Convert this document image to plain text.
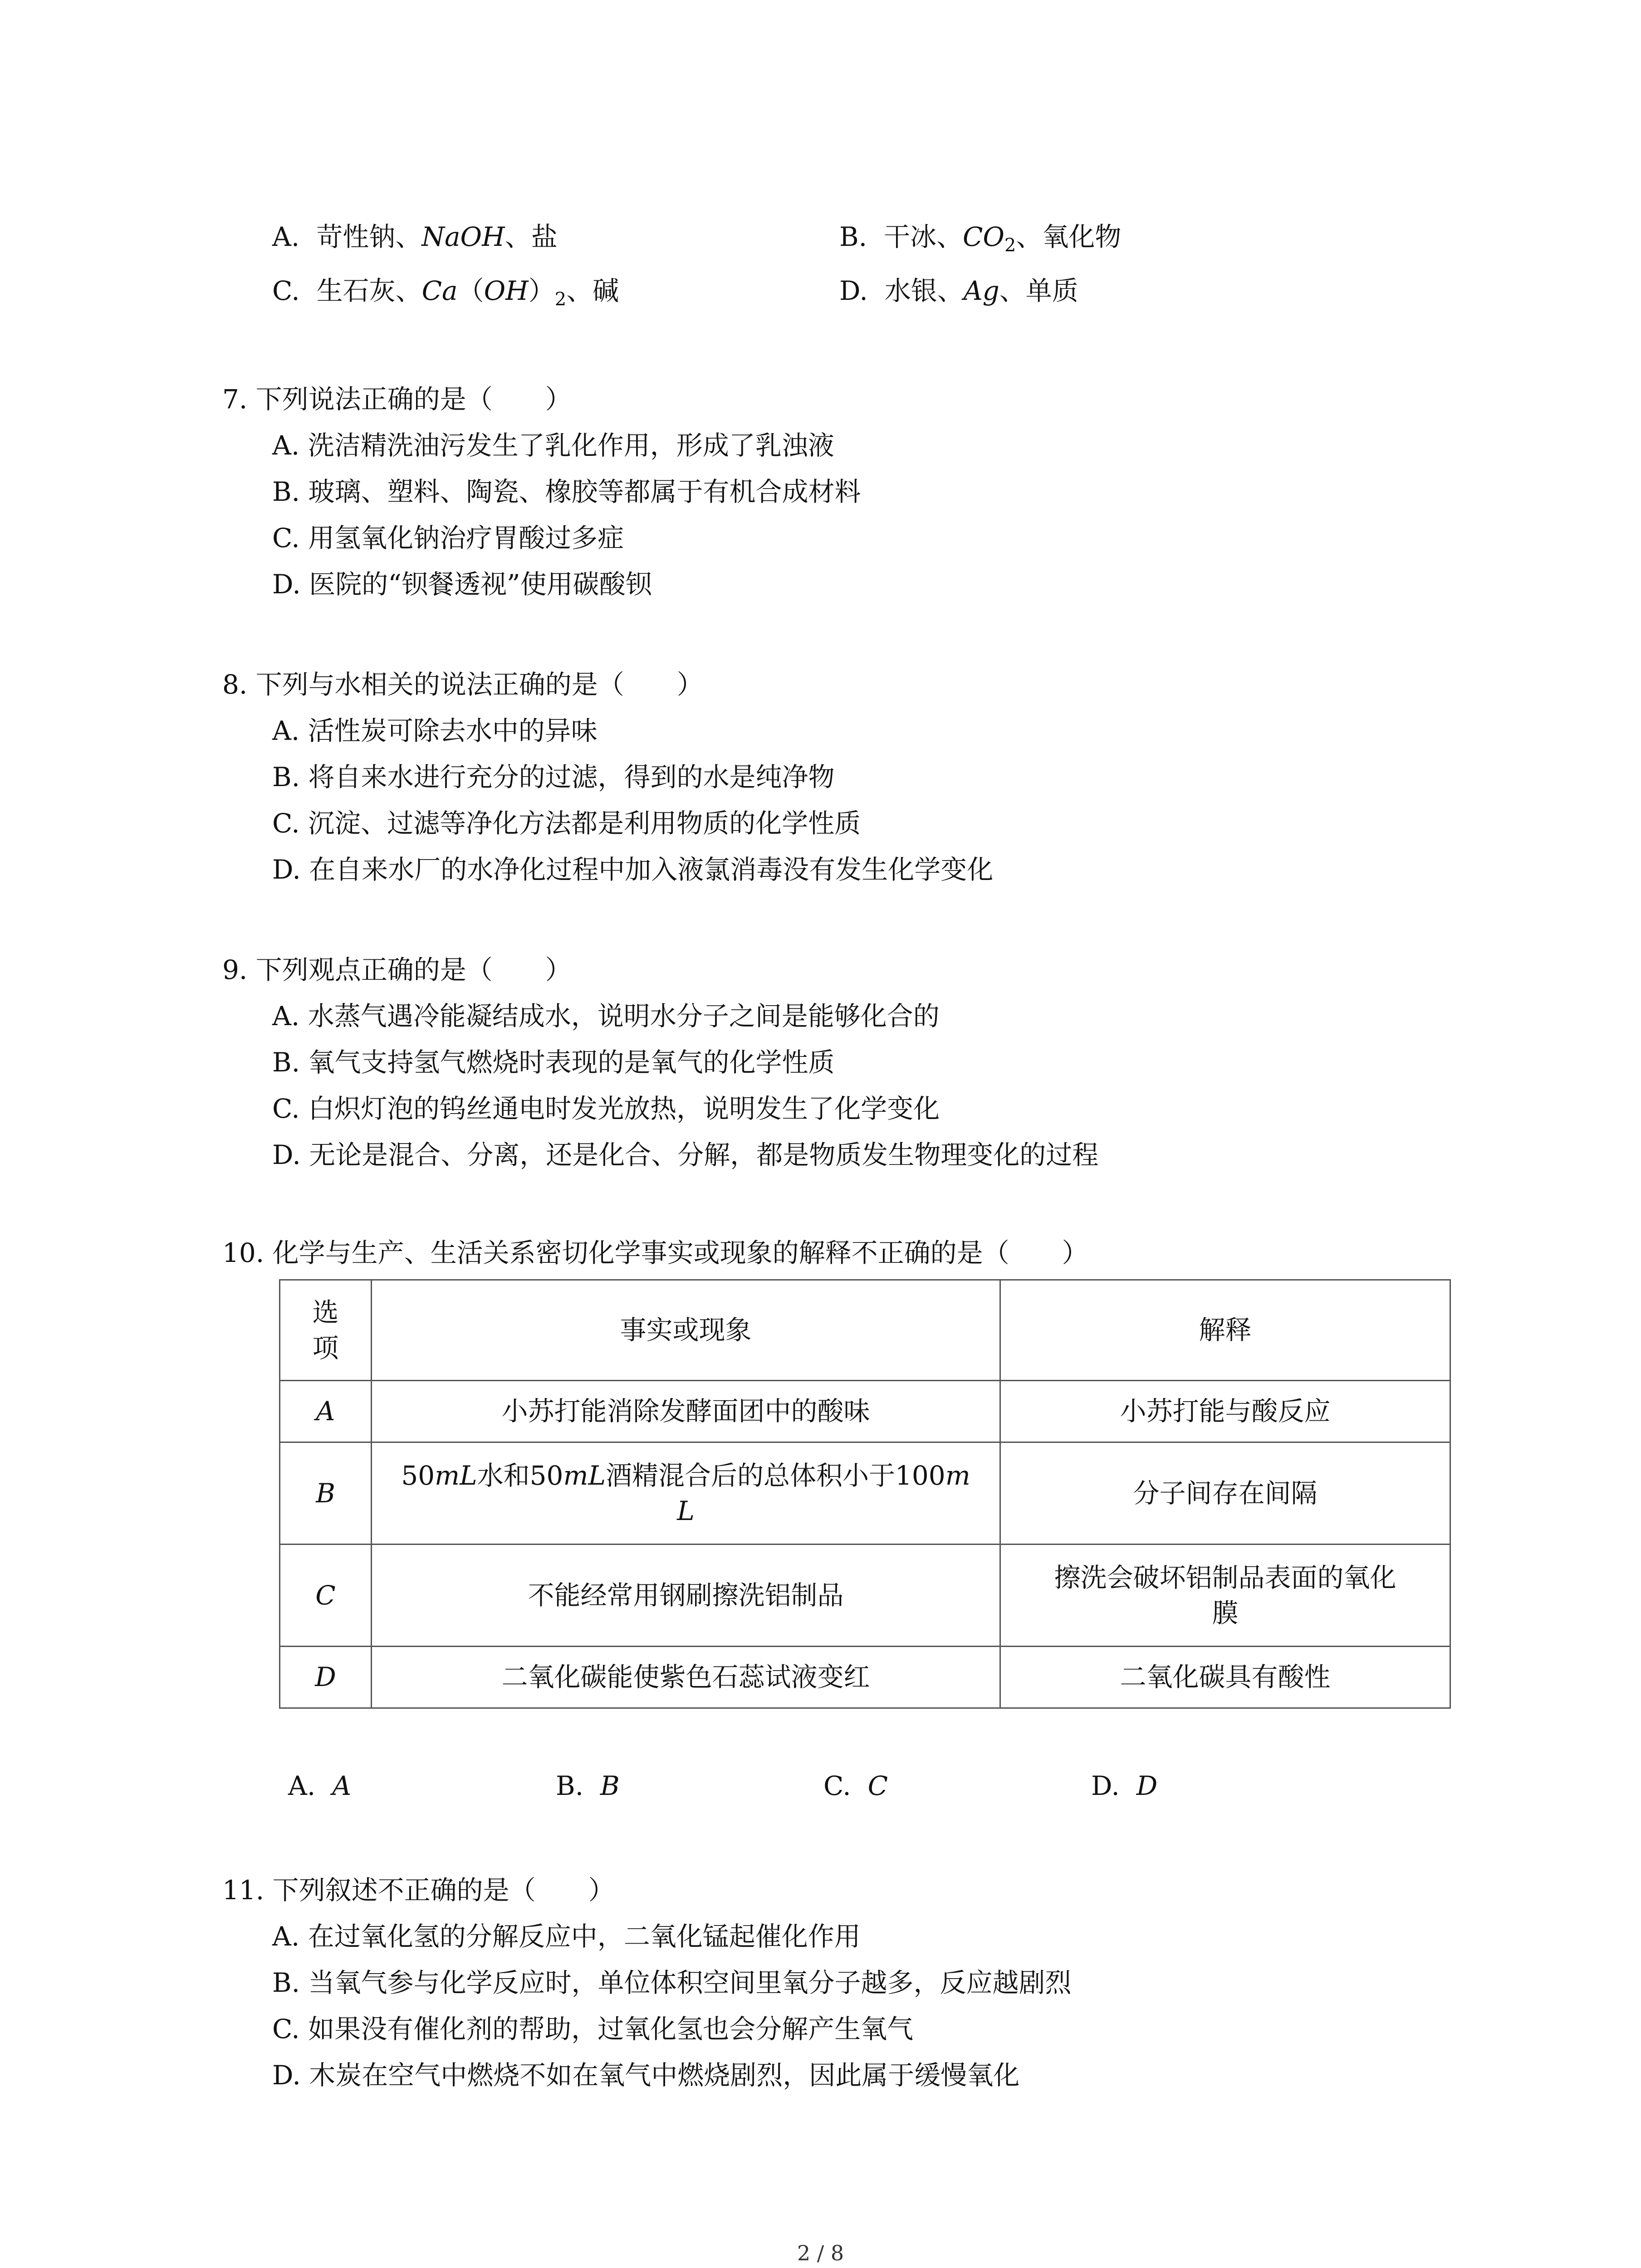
A. 苛性钠、NaOH、盐	B. 干冰、$CO_2$、氧化物
C. 生石灰、$Ca(OH)_2$、碱	D. 水银、Ag、单质
7. 下列说法正确的是（　　）
A. 洗洁精洗油污发生了乳化作用，形成了乳浊液
B. 玻璃、塑料、陶瓷、橡胶等都属于有机合成材料
C. 用氢氧化钠治疗胃酸过多症
D. 医院的“钡餐透视”使用碳酸钡
8. 下列与水相关的说法正确的是（　　）
A. 活性炭可除去水中的异味
B. 将自来水进行充分的过滤，得到的水是纯净物
C. 沉淀、过滤等净化方法都是利用物质的化学性质
D. 在自来水厂的水净化过程中加入液氯消毒没有发生化学变化
9. 下列观点正确的是（　　）
A. 水蒸气遇冷能凝结成水，说明水分子之间是能够化合的
B. 氧气支持氢气燃烧时表现的是氧气的化学性质
C. 白炽灯泡的钨丝通电时发光放热，说明发生了化学变化
D. 无论是混合、分离，还是化合、分解，都是物质发生物理变化的过程
10. 化学与生产、生活关系密切化学事实或现象的解释不正确的是（　　）
选
项	事实或现象	解释
A	小苏打能消除发酵面团中的酸味	小苏打能与酸反应
B	50mL水和50mL酒精混合后的总体积小于100m
L	分子间存在间隔
C	不能经常用钢刷擦洗铝制品	擦洗会破坏铝制品表面的氧化
膜

D	二氧化碳能使紫色石蕊试液变红	二氧化碳具有酸性
A. A	B. B	C. C	D. D
11. 下列叙述不正确的是（　　）
A. 在过氧化氢的分解反应中，二氧化锰起催化作用
B. 当氧气参与化学反应时，单位体积空间里氧分子越多，反应越剧烈
C. 如果没有催化剂的帮助，过氧化氢也会分解产生氧气
D. 木炭在空气中燃烧不如在氧气中燃烧剧烈，因此属于缓慢氧化
2 / 8
